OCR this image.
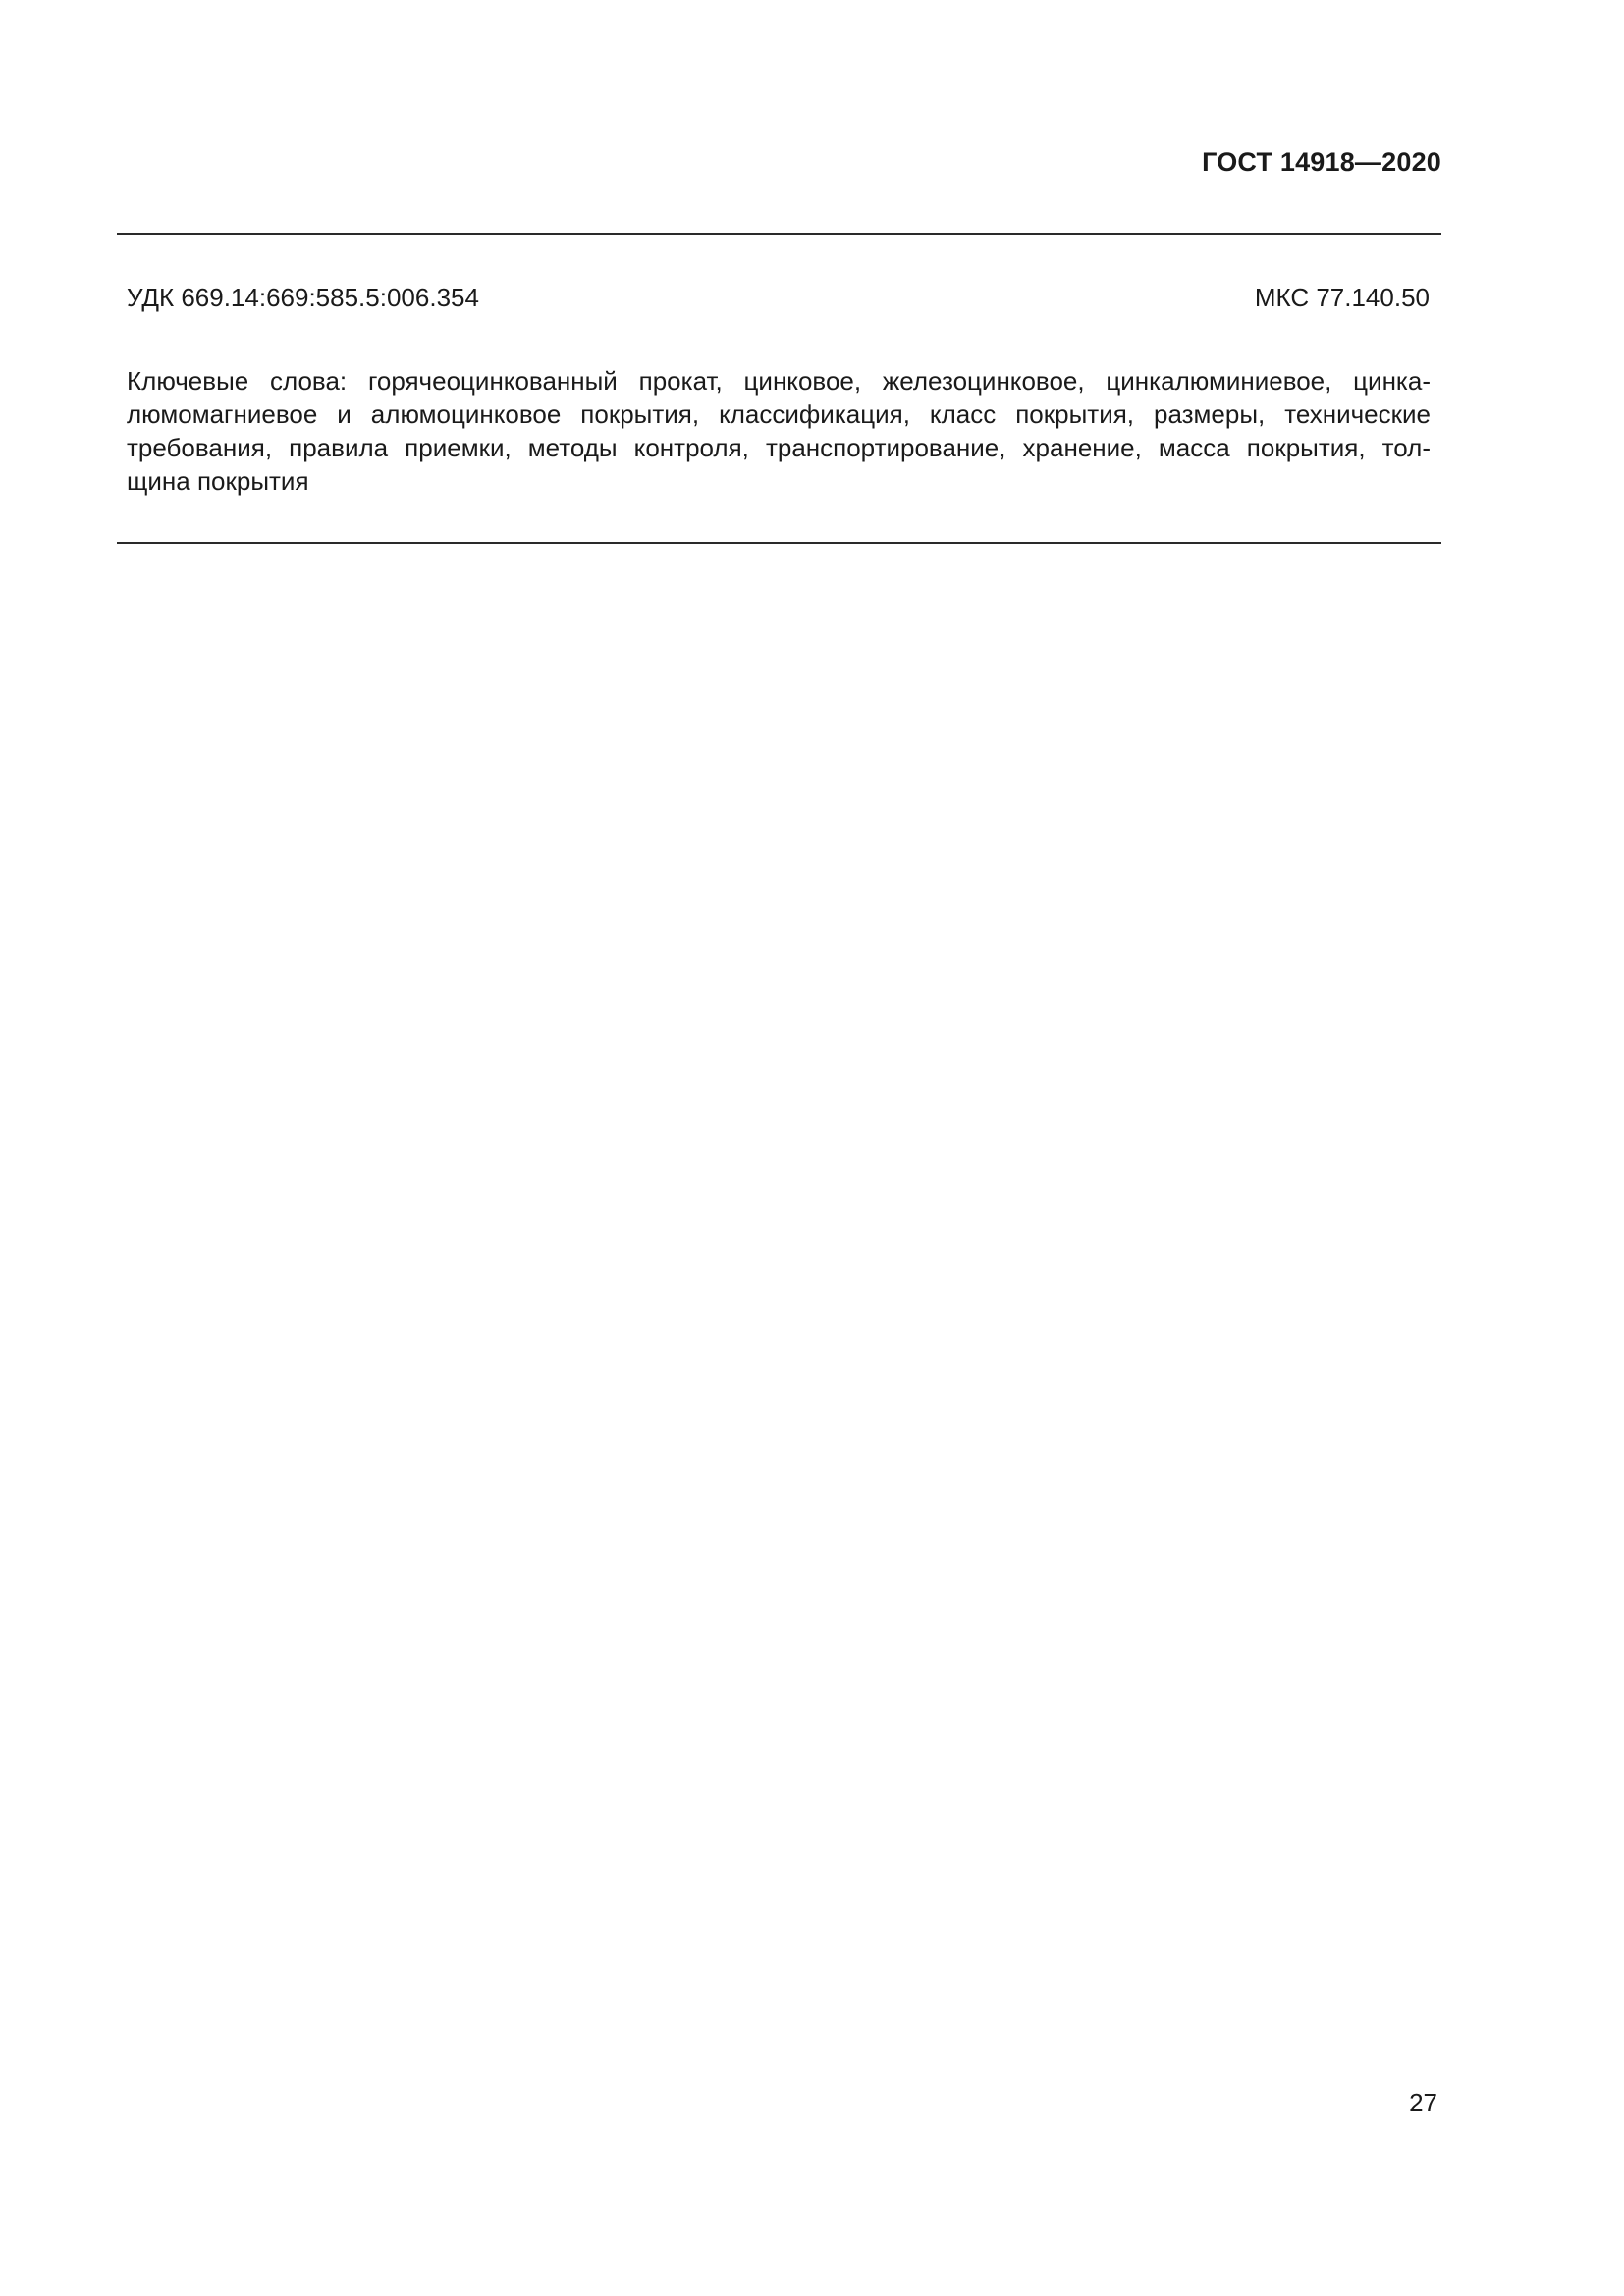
ГОСТ 14918—2020
УДК 669.14:669:585.5:006.354	МКС 77.140.50
Ключевые слова: горячеоцинкованный прокат, цинковое, железоцинковое, цинкалюминиевое, цинка-
люмомагниевое и алюмоцинковое покрытия, классификация, класс покрытия, размеры, технические
требования, правила приемки, методы контроля, транспортирование, хранение, масса покрытия, тол-
щина покрытия
27
